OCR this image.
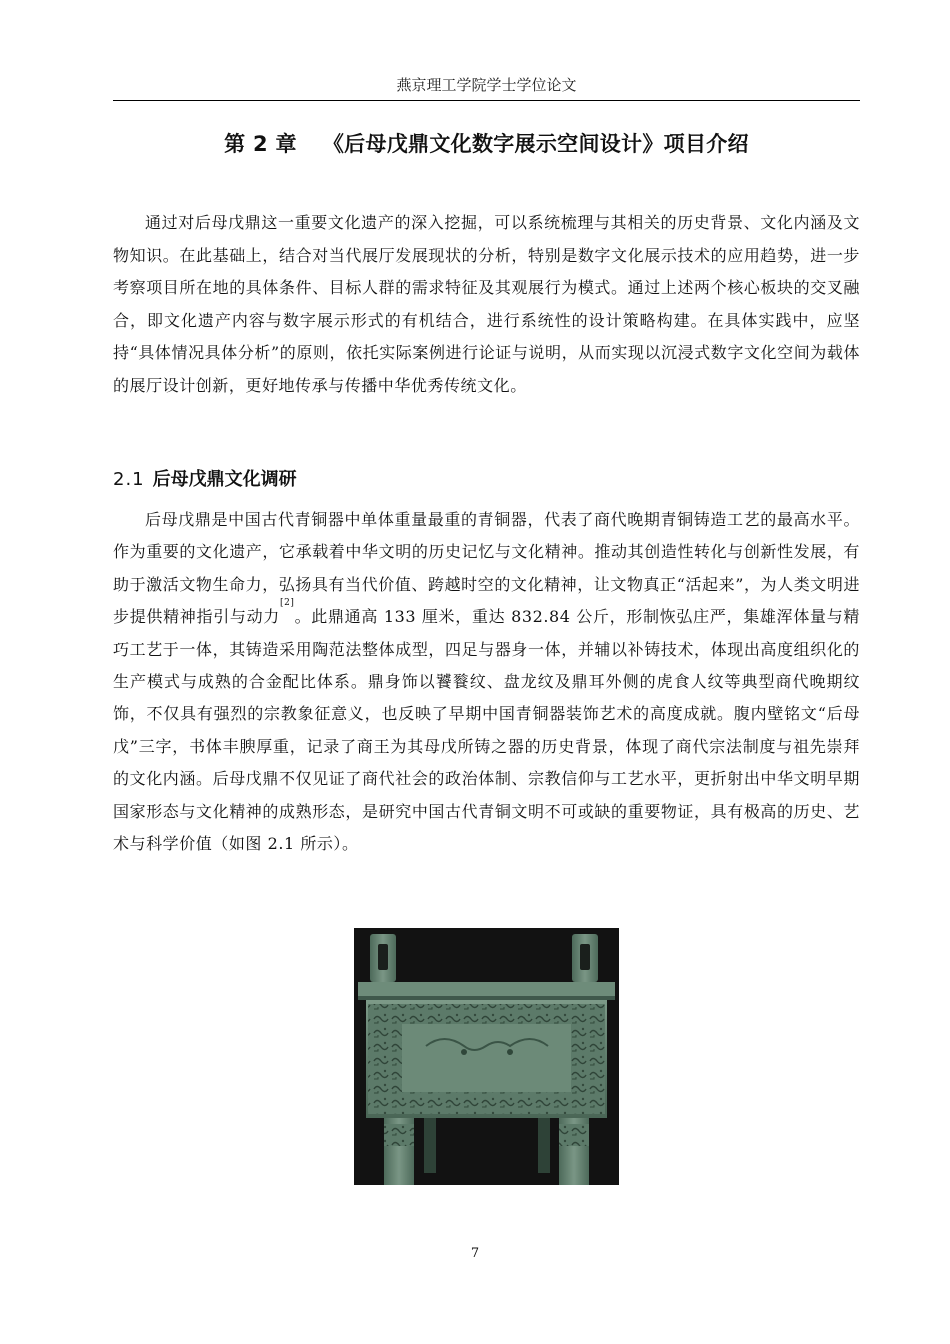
燕京理工学院学士学位论文
第 2 章 《后母戊鼎文化数字展示空间设计》项目介绍

通过对后母戊鼎这一重要文化遗产的深入挖掘，可以系统梳理与其相关的历史背景、文化内涵及文物知识。在此基础上，结合对当代展厅发展现状的分析，特别是数字文化展示技术的应用趋势，进一步考察项目所在地的具体条件、目标人群的需求特征及其观展行为模式。通过上述两个核心板块的交叉融合，即文化遗产内容与数字展示形式的有机结合，进行系统性的设计策略构建。在具体实践中，应坚持“具体情况具体分析”的原则，依托实际案例进行论证与说明，从而实现以沉浸式数字文化空间为载体的展厅设计创新，更好地传承与传播中华优秀传统文化。

2.1 后母戊鼎文化调研

后母戊鼎是中国古代青铜器中单体重量最重的青铜器，代表了商代晚期青铜铸造工艺的最高水平。作为重要的文化遗产，它承载着中华文明的历史记忆与文化精神。推动其创造性转化与创新性发展，有助于激活文物生命力，弘扬具有当代价值、跨越时空的文化精神，让文物真正“活起来”，为人类文明进步提供精神指引与动力[2]。此鼎通高 133 厘米，重达 832.84 公斤，形制恢弘庄严，集雄浑体量与精巧工艺于一体，其铸造采用陶范法整体成型，四足与器身一体，并辅以补铸技术，体现出高度组织化的生产模式与成熟的合金配比体系。鼎身饰以饕餮纹、盘龙纹及鼎耳外侧的虎食人纹等典型商代晚期纹饰，不仅具有强烈的宗教象征意义，也反映了早期中国青铜器装饰艺术的高度成就。腹内壁铭文“后母戊”三字，书体丰腴厚重，记录了商王为其母戊所铸之器的历史背景，体现了商代宗法制度与祖先崇拜的文化内涵。后母戊鼎不仅见证了商代社会的政治体制、宗教信仰与工艺水平，更折射出中华文明早期国家形态与文化精神的成熟形态，是研究中国古代青铜文明不可或缺的重要物证，具有极高的历史、艺术与科学价值（如图 2.1 所示）。

7
